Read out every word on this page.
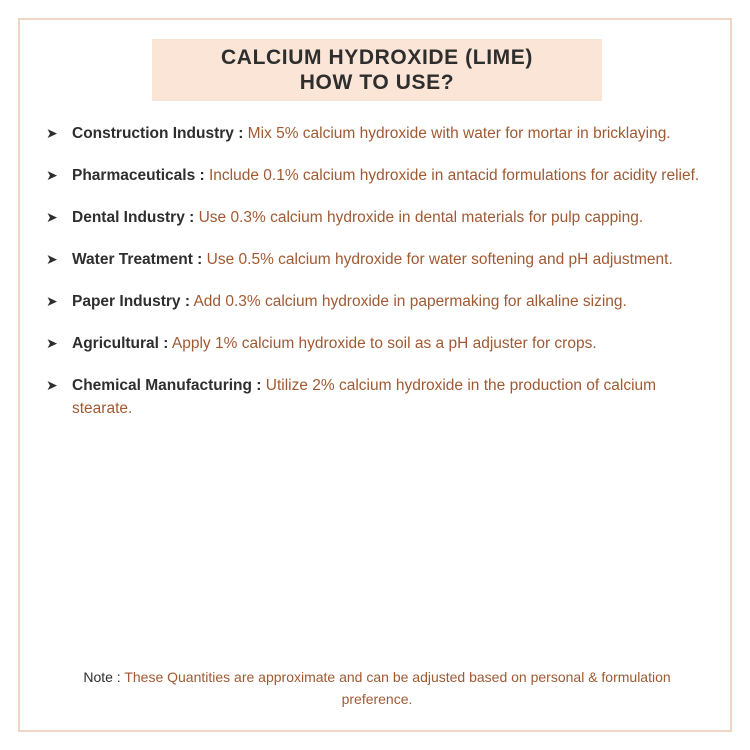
CALCIUM HYDROXIDE (LIME)
HOW TO USE?
➤ Construction Industry : Mix 5% calcium hydroxide with water for mortar in bricklaying.
➤ Pharmaceuticals : Include 0.1% calcium hydroxide in antacid formulations for acidity relief.
➤ Dental Industry : Use 0.3% calcium hydroxide in dental materials for pulp capping.
➤ Water Treatment : Use 0.5% calcium hydroxide for water softening and pH adjustment.
➤ Paper Industry : Add 0.3% calcium hydroxide in papermaking for alkaline sizing.
➤ Agricultural : Apply 1% calcium hydroxide to soil as a pH adjuster for crops.
➤ Chemical Manufacturing : Utilize 2% calcium hydroxide in the production of calcium stearate.
Note : These Quantities are approximate and can be adjusted based on personal & formulation preference.
